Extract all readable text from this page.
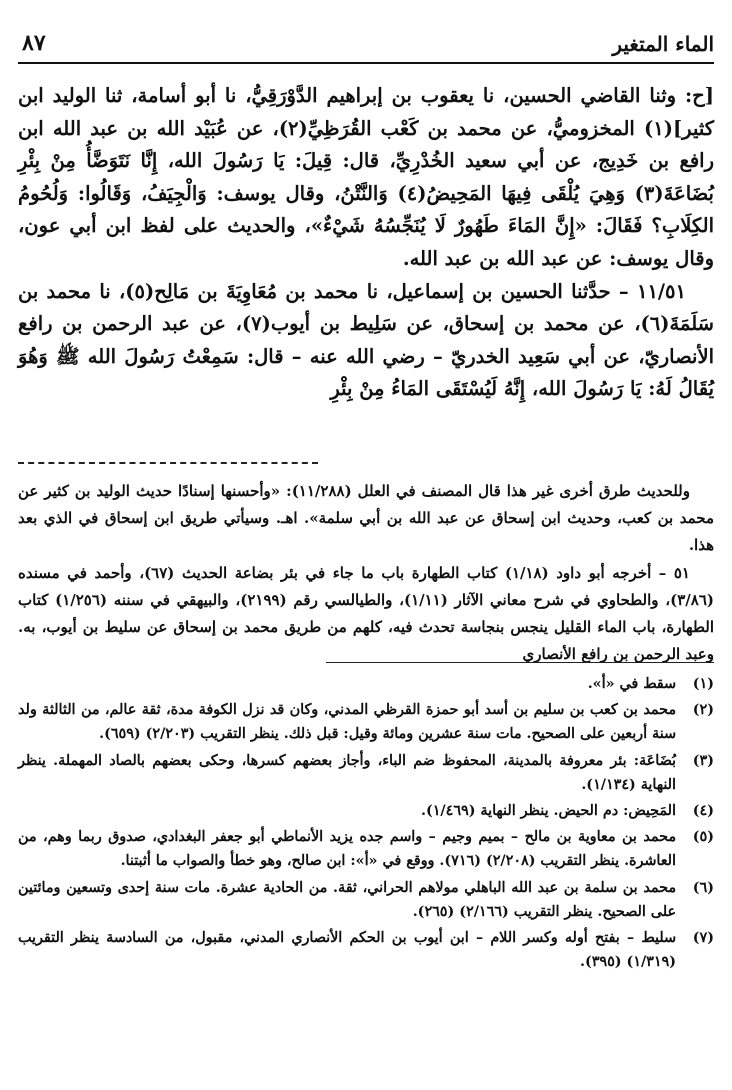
الماء المتغير
٨٧

[ح: وثنا القاضي الحسين، نا يعقوب بن إبراهيم الدَّوْرَقِيُّ، نا أبو أسامة، ثنا الوليد ابن كثير](١) المخزوميُّ، عن محمد بن كَعْب القُرَظِيِّ(٢)، عن عُبَيْد الله بن عبد الله ابن رافع بن خَدِيج، عن أبي سعيد الخُدْرِيِّ، قال: قِيلَ: يَا رَسُولَ الله، إِنَّا نَتَوَضَّأُ مِنْ بِئْرِ بُضَاعَةَ(٣) وَهِيَ يُلْقَى فِيهَا المَحِيضُ(٤) وَالنَّتْنُ، وقال يوسف: وَالْجِيَفُ، وَقَالُوا: وَلُحُومُ الكِلَابِ؟ فَقَالَ: «إِنَّ المَاءَ طَهُورٌ لَا يُنَجِّسُهُ شَيْءٌ»، والحديث على لفظ ابن أبي عون، وقال يوسف: عن عبد الله بن عبد الله.

١١/٥١ – حدَّثنا الحسين بن إسماعيل، نا محمد بن مُعَاوِيَةَ بن مَالِح(٥)، نا محمد بن سَلَمَةَ(٦)، عن محمد بن إسحاق، عن سَلِيط بن أيوب(٧)، عن عبد الرحمن بن رافع الأنصاريّ، عن أبي سَعِيد الخدريّ – رضي الله عنه – قال: سَمِعْتُ رَسُولَ الله ﷺ وَهُوَ يُقَالُ لَهُ: يَا رَسُولَ الله، إِنَّهُ لَيُسْتَقَى المَاءُ مِنْ بِئْرِ

وللحديث طرق أخرى غير هذا قال المصنف في العلل (١١/٢٨٨): «وأحسنها إسنادًا حديث الوليد بن كثير عن محمد بن كعب، وحديث ابن إسحاق عن عبد الله بن أبي سلمة». اهـ. وسيأتي طريق ابن إسحاق في الذي بعد هذا.

٥١ – أخرجه أبو داود (١/١٨) كتاب الطهارة باب ما جاء في بئر بضاعة الحديث (٦٧)، وأحمد في مسنده (٣/٨٦)، والطحاوي في شرح معاني الآثار (١/١١)، والطيالسي رقم (٢١٩٩)، والبيهقي في سننه (١/٢٥٦) كتاب الطهارة، باب الماء القليل ينجس بنجاسة تحدث فيه، كلهم من طريق محمد بن إسحاق عن سليط بن أيوب، به. وعبد الرحمن بن رافع الأنصاري

(١)
سقط في «أ».
(٢)
محمد بن كعب بن سليم بن أسد أبو حمزة القرظي المدني، وكان قد نزل الكوفة مدة، ثقة عالم، من الثالثة ولد سنة أربعين على الصحيح. مات سنة عشرين ومائة وقيل: قبل ذلك. ينظر التقريب (٢/٢٠٣) (٦٥٩).
(٣)
بُضَاعَة: بئر معروفة بالمدينة، المحفوظ ضم الباء، وأجاز بعضهم كسرها، وحكى بعضهم بالصاد المهملة. ينظر النهاية (١/١٣٤).
(٤)
المَحِيض: دم الحيض. ينظر النهاية (١/٤٦٩).
(٥)
محمد بن معاوية بن مالح – بميم وجيم – واسم جده يزيد الأنماطي أبو جعفر البغدادي، صدوق ربما وهم، من العاشرة. ينظر التقريب (٢/٢٠٨) (٧١٦). ووقع في «أ»: ابن صالح، وهو خطأ والصواب ما أثبتنا.
(٦)
محمد بن سلمة بن عبد الله الباهلي مولاهم الحراني، ثقة. من الحادية عشرة. مات سنة إحدى وتسعين ومائتين على الصحيح. ينظر التقريب (٢/١٦٦) (٢٦٥).
(٧)
سليط – بفتح أوله وكسر اللام – ابن أيوب بن الحكم الأنصاري المدني، مقبول، من السادسة ينظر التقريب (١/٣١٩) (٣٩٥).
